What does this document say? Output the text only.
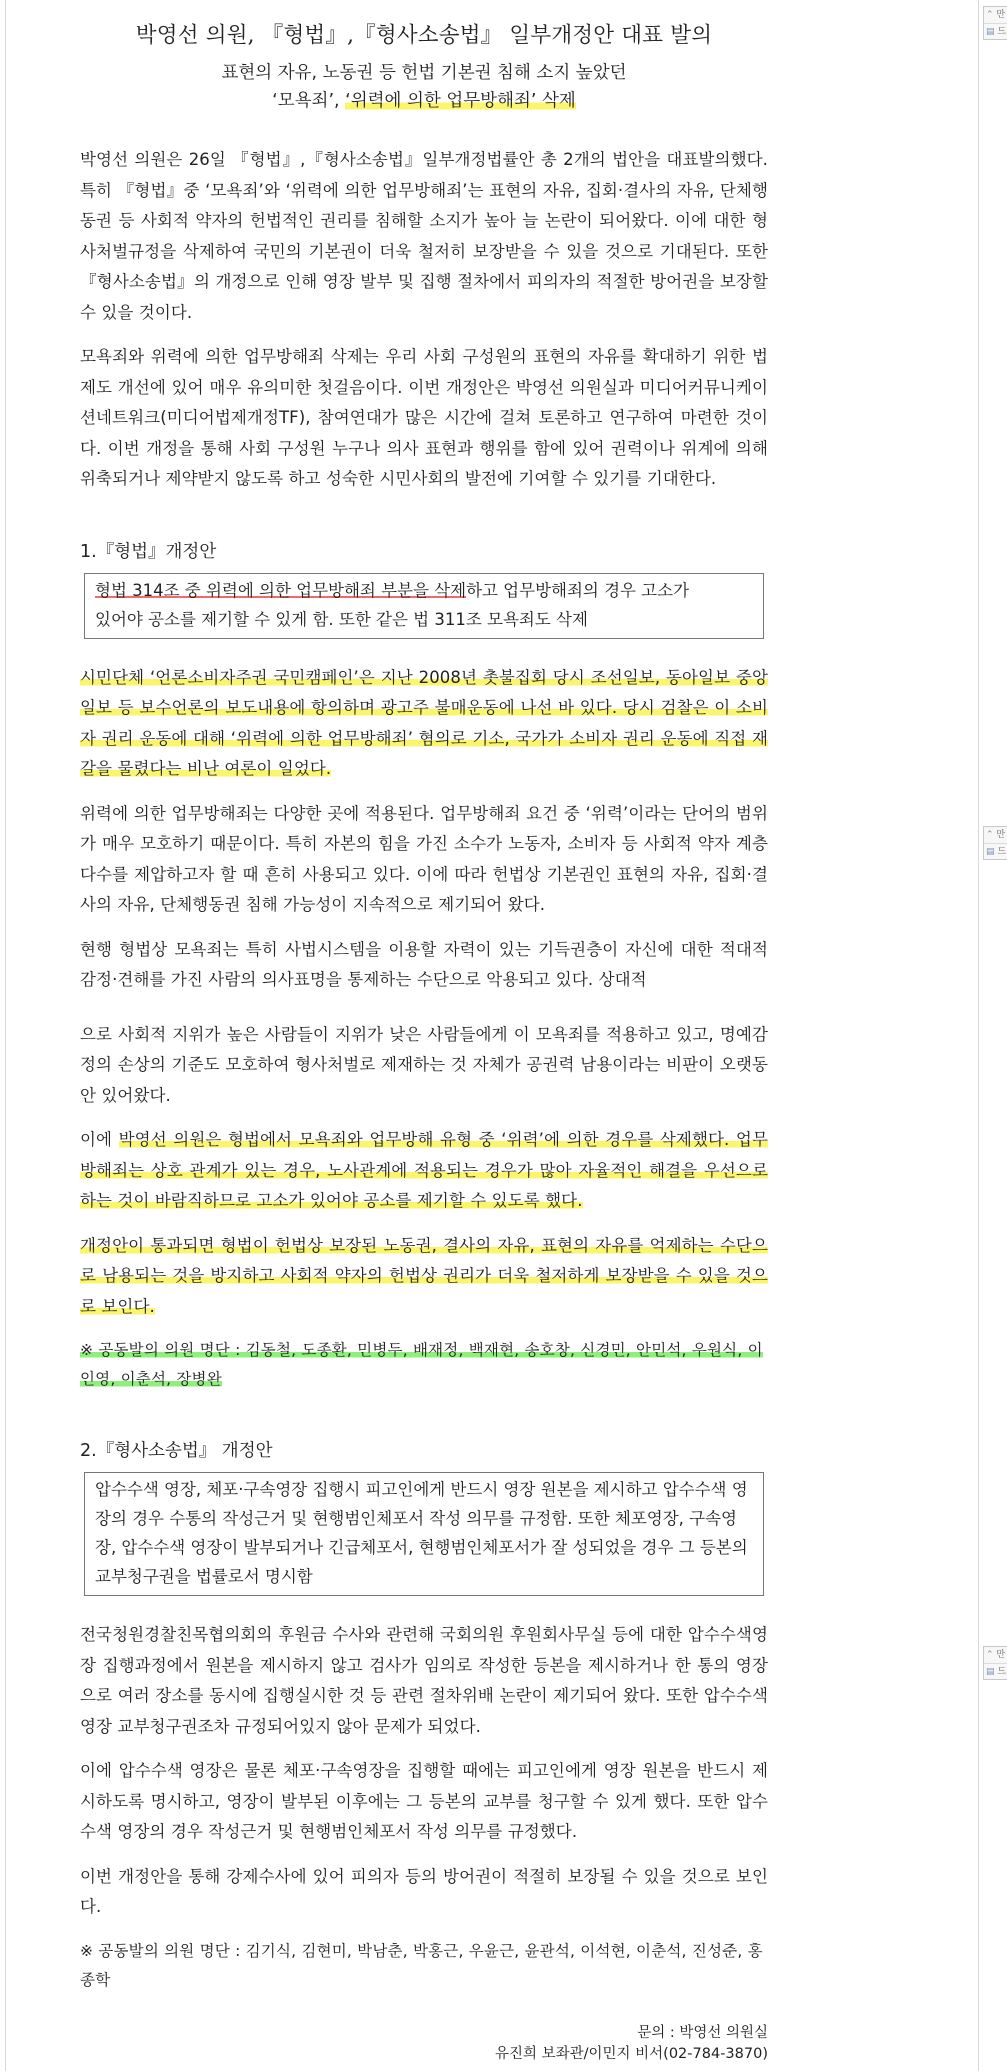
박영선 의원, 『형법』,『형사소송법』 일부개정안 대표 발의
표현의 자유, 노동권 등 헌법 기본권 침해 소지 높았던
‘모욕죄’, ‘위력에 의한 업무방해죄’ 삭제

박영선 의원은 26일 『형법』,『형사소송법』일부개정법률안 총 2개의 법안을 대표발의했다. 특히 『형법』중 ‘모욕죄’와 ‘위력에 의한 업무방해죄’는 표현의 자유, 집회·결사의 자유, 단체행동권 등 사회적 약자의 헌법적인 권리를 침해할 소지가 높아 늘 논란이 되어왔다. 이에 대한 형사처벌규정을 삭제하여 국민의 기본권이 더욱 철저히 보장받을 수 있을 것으로 기대된다. 또한 『형사소송법』의 개정으로 인해 영장 발부 및 집행 절차에서 피의자의 적절한 방어권을 보장할 수 있을 것이다.

모욕죄와 위력에 의한 업무방해죄 삭제는 우리 사회 구성원의 표현의 자유를 확대하기 위한 법제도 개선에 있어 매우 유의미한 첫걸음이다. 이번 개정안은 박영선 의원실과 미디어커뮤니케이션네트워크(미디어법제개정TF), 참여연대가 많은 시간에 걸쳐 토론하고 연구하여 마련한 것이다. 이번 개정을 통해 사회 구성원 누구나 의사 표현과 행위를 함에 있어 권력이나 위계에 의해 위축되거나 제약받지 않도록 하고 성숙한 시민사회의 발전에 기여할 수 있기를 기대한다.

1.『형법』개정안
형법 314조 중 위력에 의한 업무방해죄 부분을 삭제하고 업무방해죄의 경우 고소가
있어야 공소를 제기할 수 있게 함. 또한 같은 법 311조 모욕죄도 삭제

시민단체 ‘언론소비자주권 국민캠페인’은 지난 2008년 촛불집회 당시 조선일보, 동아일보 중앙일보 등 보수언론의 보도내용에 항의하며 광고주 불매운동에 나선 바 있다. 당시 검찰은 이 소비자 권리 운동에 대해 ‘위력에 의한 업무방해죄’ 혐의로 기소, 국가가 소비자 권리 운동에 직접 재갈을 물렸다는 비난 여론이 일었다.

위력에 의한 업무방해죄는 다양한 곳에 적용된다. 업무방해죄 요건 중 ‘위력’이라는 단어의 범위가 매우 모호하기 때문이다. 특히 자본의 힘을 가진 소수가 노동자, 소비자 등 사회적 약자 계층 다수를 제압하고자 할 때 흔히 사용되고 있다. 이에 따라 헌법상 기본권인 표현의 자유, 집회·결사의 자유, 단체행동권 침해 가능성이 지속적으로 제기되어 왔다.

현행 형법상 모욕죄는 특히 사법시스템을 이용할 자력이 있는 기득권층이 자신에 대한 적대적 감정·견해를 가진 사람의 의사표명을 통제하는 수단으로 악용되고 있다. 상대적

으로 사회적 지위가 높은 사람들이 지위가 낮은 사람들에게 이 모욕죄를 적용하고 있고, 명예감정의 손상의 기준도 모호하여 형사처벌로 제재하는 것 자체가 공권력 남용이라는 비판이 오랫동안 있어왔다.

이에 박영선 의원은 형법에서 모욕죄와 업무방해 유형 중 ‘위력’에 의한 경우를 삭제했다. 업무방해죄는 상호 관계가 있는 경우, 노사관계에 적용되는 경우가 많아 자율적인 해결을 우선으로 하는 것이 바람직하므로 고소가 있어야 공소를 제기할 수 있도록 했다.

개정안이 통과되면 형법이 헌법상 보장된 노동권, 결사의 자유, 표현의 자유를 억제하는 수단으로 남용되는 것을 방지하고 사회적 약자의 헌법상 권리가 더욱 철저하게 보장받을 수 있을 것으로 보인다.

※ 공동발의 의원 명단 : 김동철, 도종환, 민병두, 배재정, 백재현, 송호창, 신경민, 안민석, 우원식, 이인영, 이춘석, 장병완

2.『형사소송법』 개정안
압수수색 영장, 체포·구속영장 집행시 피고인에게 반드시 영장 원본을 제시하고 압수수색 영장의 경우 수통의 작성근거 및 현행범인체포서 작성 의무를 규정함. 또한 체포영장, 구속영장, 압수수색 영장이 발부되거나 긴급체포서, 현행범인체포서가 잘 성되었을 경우 그 등본의 교부청구권을 법률로서 명시함

전국청원경찰친목협의회의 후원금 수사와 관련해 국회의원 후원회사무실 등에 대한 압수수색영장 집행과정에서 원본을 제시하지 않고 검사가 임의로 작성한 등본을 제시하거나 한 통의 영장으로 여러 장소를 동시에 집행실시한 것 등 관련 절차위배 논란이 제기되어 왔다. 또한 압수수색 영장 교부청구권조차 규정되어있지 않아 문제가 되었다.

이에 압수수색 영장은 물론 체포·구속영장을 집행할 때에는 피고인에게 영장 원본을 반드시 제시하도록 명시하고, 영장이 발부된 이후에는 그 등본의 교부를 청구할 수 있게 했다. 또한 압수수색 영장의 경우 작성근거 및 현행범인체포서 작성 의무를 규정했다.

이번 개정안을 통해 강제수사에 있어 피의자 등의 방어권이 적절히 보장될 수 있을 것으로 보인다.

※ 공동발의 의원 명단 : 김기식, 김현미, 박남춘, 박홍근, 우윤근, 윤관석, 이석현, 이춘석, 진성준, 홍종학

문의 : 박영선 의원실
유진희 보좌관/이민지 비서(02-784-3870)
⌃ 만
▤ 드
⌃ 만
▤ 드
⌃ 만
▤ 드
